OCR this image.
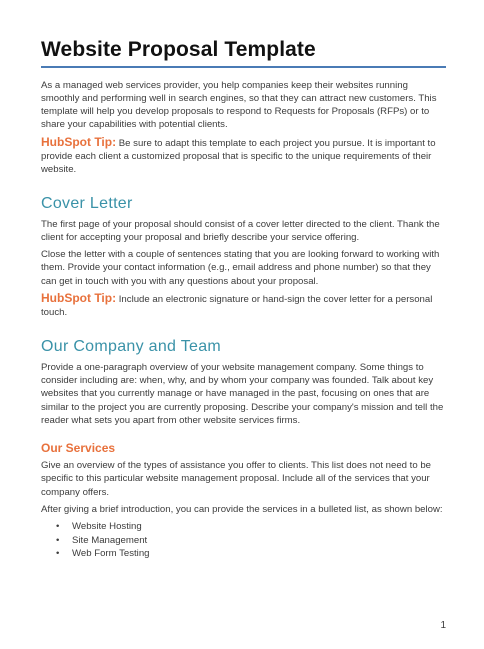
Website Proposal Template

As a managed web services provider, you help companies keep their websites running smoothly and performing well in search engines, so that they can attract new customers. This template will help you develop proposals to respond to Requests for Proposals (RFPs) or to share your capabilities with potential clients.

HubSpot Tip: Be sure to adapt this template to each project you pursue. It is important to provide each client a customized proposal that is specific to the unique requirements of their website.

Cover Letter

The first page of your proposal should consist of a cover letter directed to the client. Thank the client for accepting your proposal and briefly describe your service offering.

Close the letter with a couple of sentences stating that you are looking forward to working with them. Provide your contact information (e.g., email address and phone number) so that they can get in touch with you with any questions about your proposal.

HubSpot Tip: Include an electronic signature or hand-sign the cover letter for a personal touch.

Our Company and Team

Provide a one-paragraph overview of your website management company. Some things to consider including are: when, why, and by whom your company was founded. Talk about key websites that you currently manage or have managed in the past, focusing on ones that are similar to the project you are currently proposing. Describe your company's mission and tell the reader what sets you apart from other website services firms.

Our Services

Give an overview of the types of assistance you offer to clients. This list does not need to be specific to this particular website management proposal. Include all of the services that your company offers.

After giving a brief introduction, you can provide the services in a bulleted list, as shown below:

• Website Hosting
• Site Management
• Web Form Testing
1
